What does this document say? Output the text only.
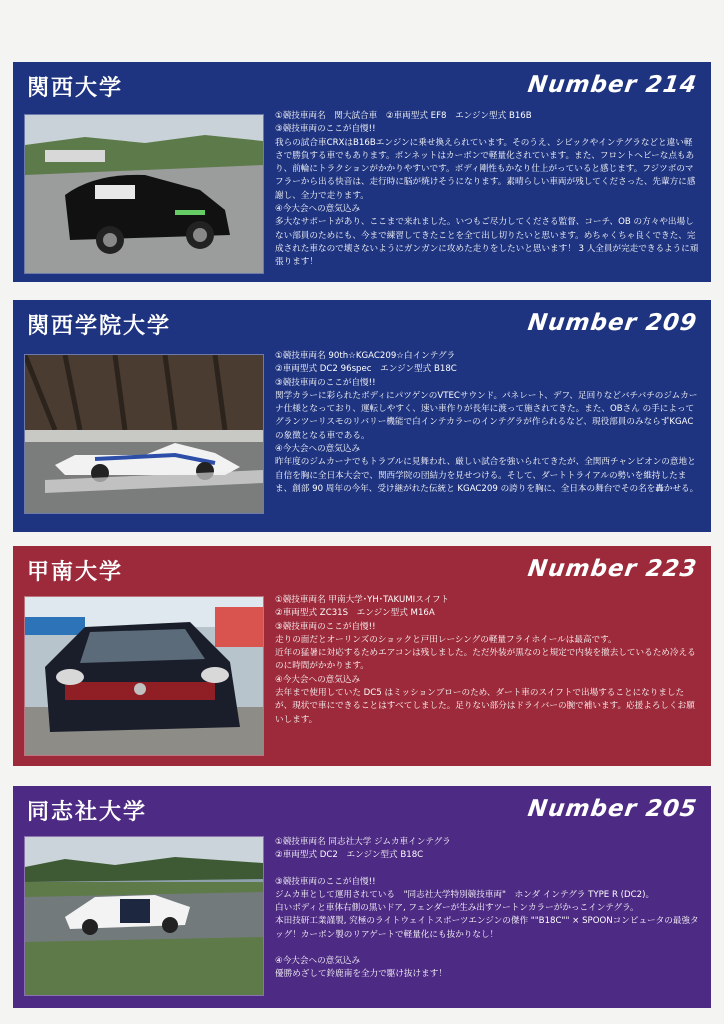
関西大学	Number 214

①競技車両名　関大試合車　②車両型式 EF8　エンジン型式 B16B

③競技車両のここが自慢!!

我らの試合車CRXはB16Bエンジンに乗せ換えられています。そのうえ、シビックやインテグラなどと違い軽さで勝負する車でもあります。ボンネットはカーボンで軽量化されています。また、フロントヘビーな点もあり、前輪にトラクションがかかりやすいです。ボディ剛性もかなり仕上がっていると感じます。フジツボのマフラーから出る快音は、走行時に脳が焼けそうになります。素晴らしい車両が残してくださった、先輩方に感謝し、全力で走ります。

④今大会への意気込み

多大なサポートがあり、ここまで来れました。いつもご尽力してくださる監督、コーチ、OB の方々や出場しない部員のためにも、今まで練習してきたことを全て出し切りたいと思います。めちゃくちゃ良くできた、完成された車なので壊さないようにガンガンに攻めた走りをしたいと思います！ 3 人全員が完走できるように頑張ります！

関西学院大学	Number 209

①競技車両名 90th☆KGAC209☆白インテグラ

②車両型式 DC2 96spec　エンジン型式 B18C

③競技車両のここが自慢!!

関学カラーに彩られたボディにパツゲンのVTECサウンド。パネレート、デフ、足回りなどバチバチのジムカーナ仕様となっており、運転しやすく、速い車作りが長年に渡って施されてきた。また、OBさん の手によってグランツーリスモのリバリー機能で白インテカラーのインテグラが作られるなど、現役部員のみならずKGACの象徴となる車である。

④今大会への意気込み

昨年度のジムカーナでもトラブルに見舞われ、厳しい試合を強いられてきたが、全関西チャンピオンの意地と自信を胸に全日本大会で、関西学院の団結力を見せつける。そして、ダートトライアルの勢いを維持したまま、創部 90 周年の今年、受け継がれた伝統と KGAC209 の誇りを胸に、全日本の舞台でその名を轟かせる。

甲南大学	Number 223

①競技車両名 甲南大学･YH･TAKUMIスイフト

②車両型式 ZC31S　エンジン型式 M16A

③競技車両のここが自慢!!

走りの面だとオーリンズのショックと戸田レーシングの軽量フライホイールは最高です。

近年の猛暑に対応するためエアコンは残しました。ただ外装が黒なのと規定で内装を撤去しているため冷えるのに時間がかかります。

④今大会への意気込み

去年まで使用していた DC5 はミッションブローのため、ダート車のスイフトで出場することになりましたが、現状で車にできることはすべてしました。足りない部分はドライバーの腕で補います。応援よろしくお願いします。

同志社大学	Number 205

①競技車両名 同志社大学 ジムカ車インテグラ

②車両型式 DC2　エンジン型式 B18C

③競技車両のここが自慢!!

ジムカ車として運用されている　"同志社大学特別競技車両"　ホンダ インテグラ TYPE R (DC2)。

白いボディと車体右側の黒いドア, フェンダーが生み出すツートンカラーがかっこインテグラ。

本田技研工業謹製, 究極のライトウェイトスポーツエンジンの傑作 ""B18C"" × SPOONコンピュータの最強タッグ！カーボン製のリアゲートで軽量化にも抜かりなし！

④今大会への意気込み

優勝めざして鈴鹿南を全力で駆け抜けます！
